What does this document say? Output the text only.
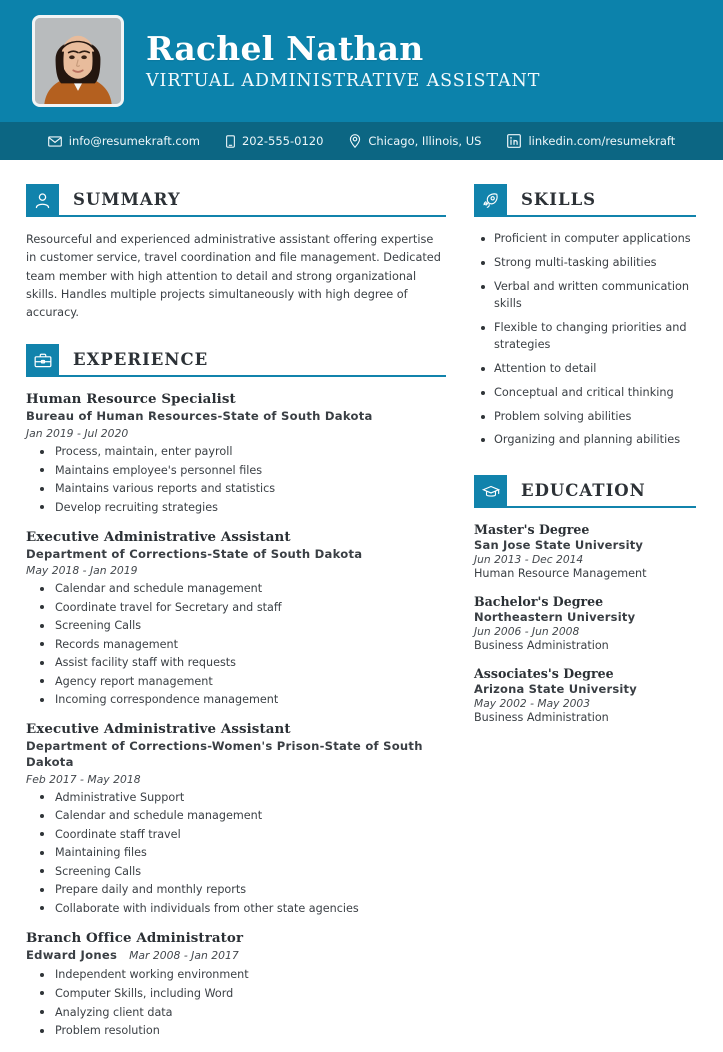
Rachel Nathan
VIRTUAL ADMINISTRATIVE ASSISTANT
info@resumekraft.com	202-555-0120	Chicago, Illinois, US	linkedin.com/resumekraft
SUMMARY
Resourceful and experienced administrative assistant offering expertise in customer service, travel coordination and file management. Dedicated team member with high attention to detail and strong organizational skills. Handles multiple projects simultaneously with high degree of accuracy.
EXPERIENCE
Human Resource Specialist
Bureau of Human Resources-State of South Dakota
Jan 2019 - Jul 2020
Process, maintain, enter payroll
Maintains employee's personnel files
Maintains various reports and statistics
Develop recruiting strategies
Executive Administrative Assistant
Department of Corrections-State of South Dakota
May 2018 - Jan 2019
Calendar and schedule management
Coordinate travel for Secretary and staff
Screening Calls
Records management
Assist facility staff with requests
Agency report management
Incoming correspondence management
Executive Administrative Assistant
Department of Corrections-Women's Prison-State of South Dakota
Feb 2017 - May 2018
Administrative Support
Calendar and schedule management
Coordinate staff travel
Maintaining files
Screening Calls
Prepare daily and monthly reports
Collaborate with individuals from other state agencies
Branch Office Administrator
Edward Jones Mar 2008 - Jan 2017
Independent working environment
Computer Skills, including Word
Analyzing client data
Problem resolution
SKILLS
Proficient in computer applications
Strong multi-tasking abilities
Verbal and written communication skills
Flexible to changing priorities and strategies
Attention to detail
Conceptual and critical thinking
Problem solving abilities
Organizing and planning abilities
EDUCATION
Master's Degree
San Jose State University
Jun 2013 - Dec 2014
Human Resource Management
Bachelor's Degree
Northeastern University
Jun 2006 - Jun 2008
Business Administration
Associates's Degree
Arizona State University
May 2002 - May 2003
Business Administration
